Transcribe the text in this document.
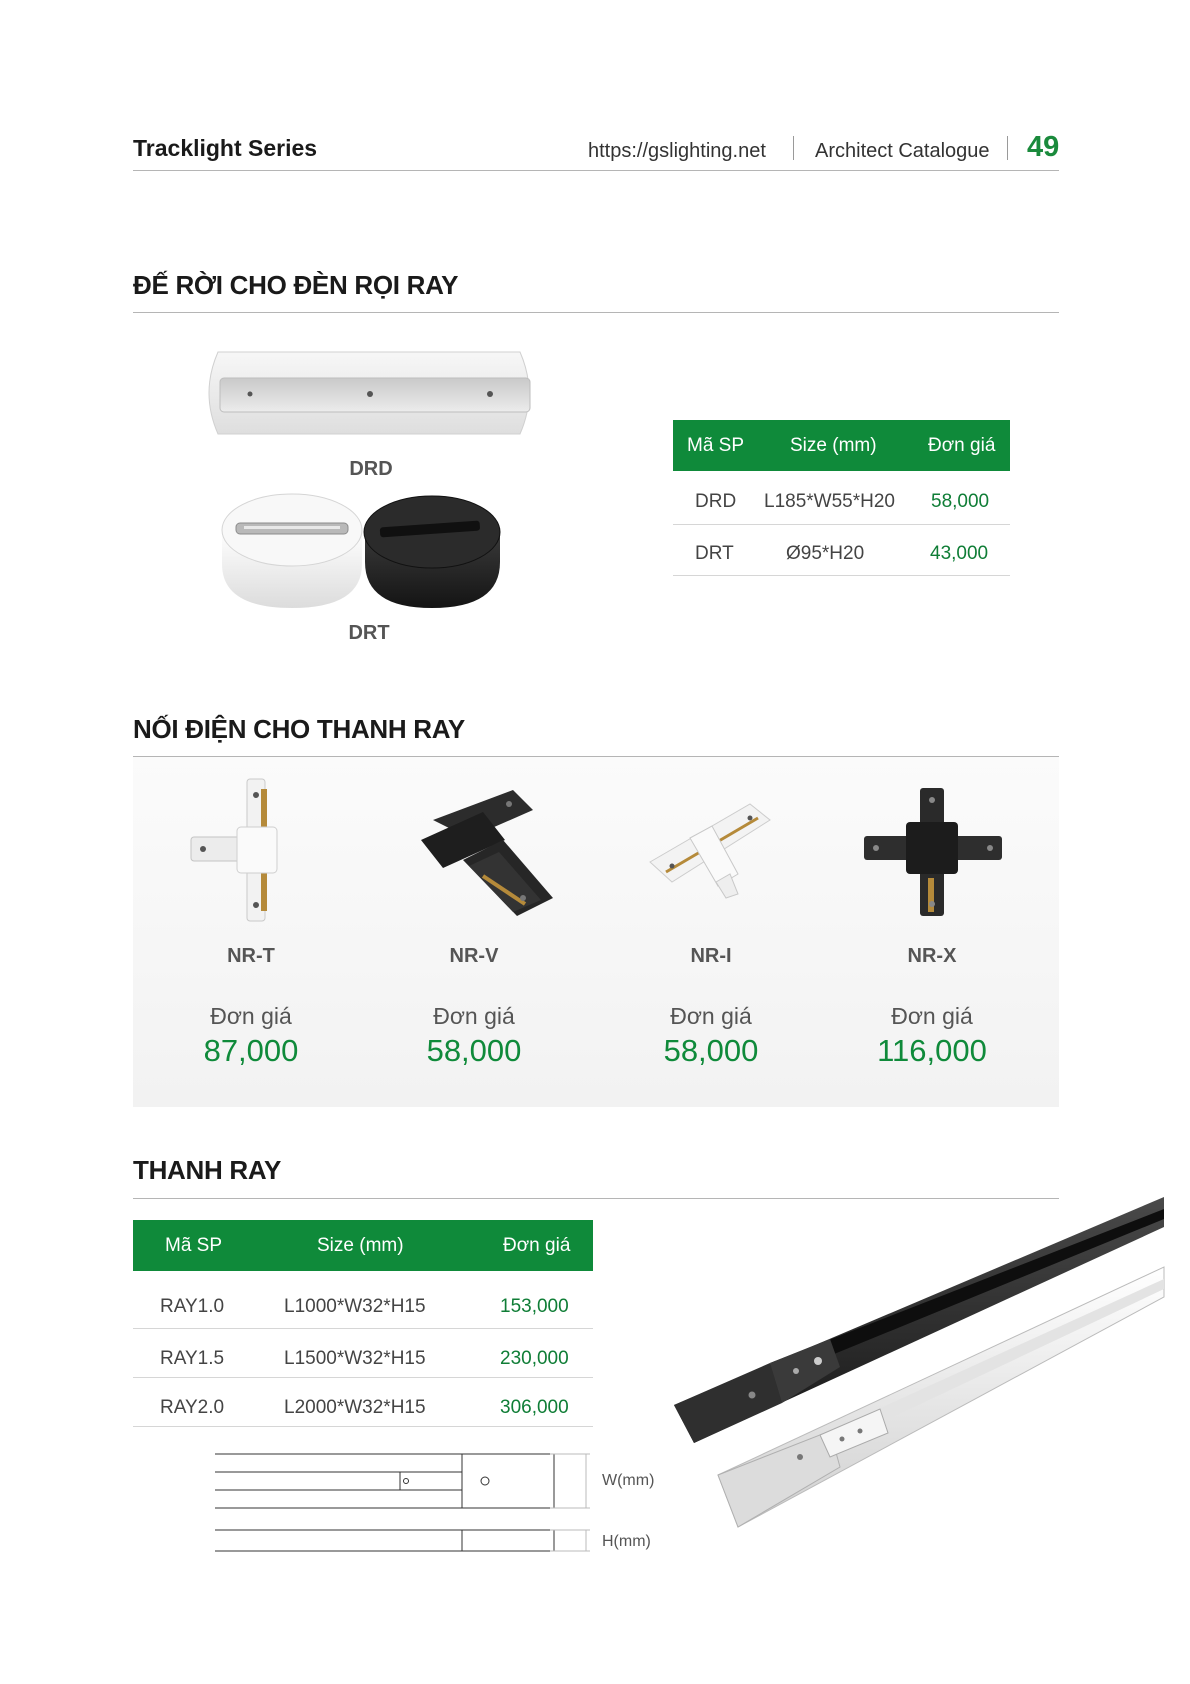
Tracklight Series	https://gslighting.net Architect Catalogue 49
ĐẾ RỜI CHO ĐÈN RỌI RAY
DRD
DRT
Mã SP Size (mm)	Đơn giá
DRD L185*W55*H20 58,000
DRT	Ø95*H20	43,000
NỐI ĐIỆN CHO THANH RAY
NR-T
Đơn giá
87,000
NR-V
Đơn giá
58,000
NR-I
Đơn giá
58,000
NR-X
Đơn giá
116,000
THANH RAY
Mã SP	Size (mm)	Đơn giá
RAY1.0	L1000*W32*H15	153,000
RAY1.5	L1500*W32*H15	230,000
RAY2.0	L2000*W32*H15	306,000
W(mm)
H(mm)
